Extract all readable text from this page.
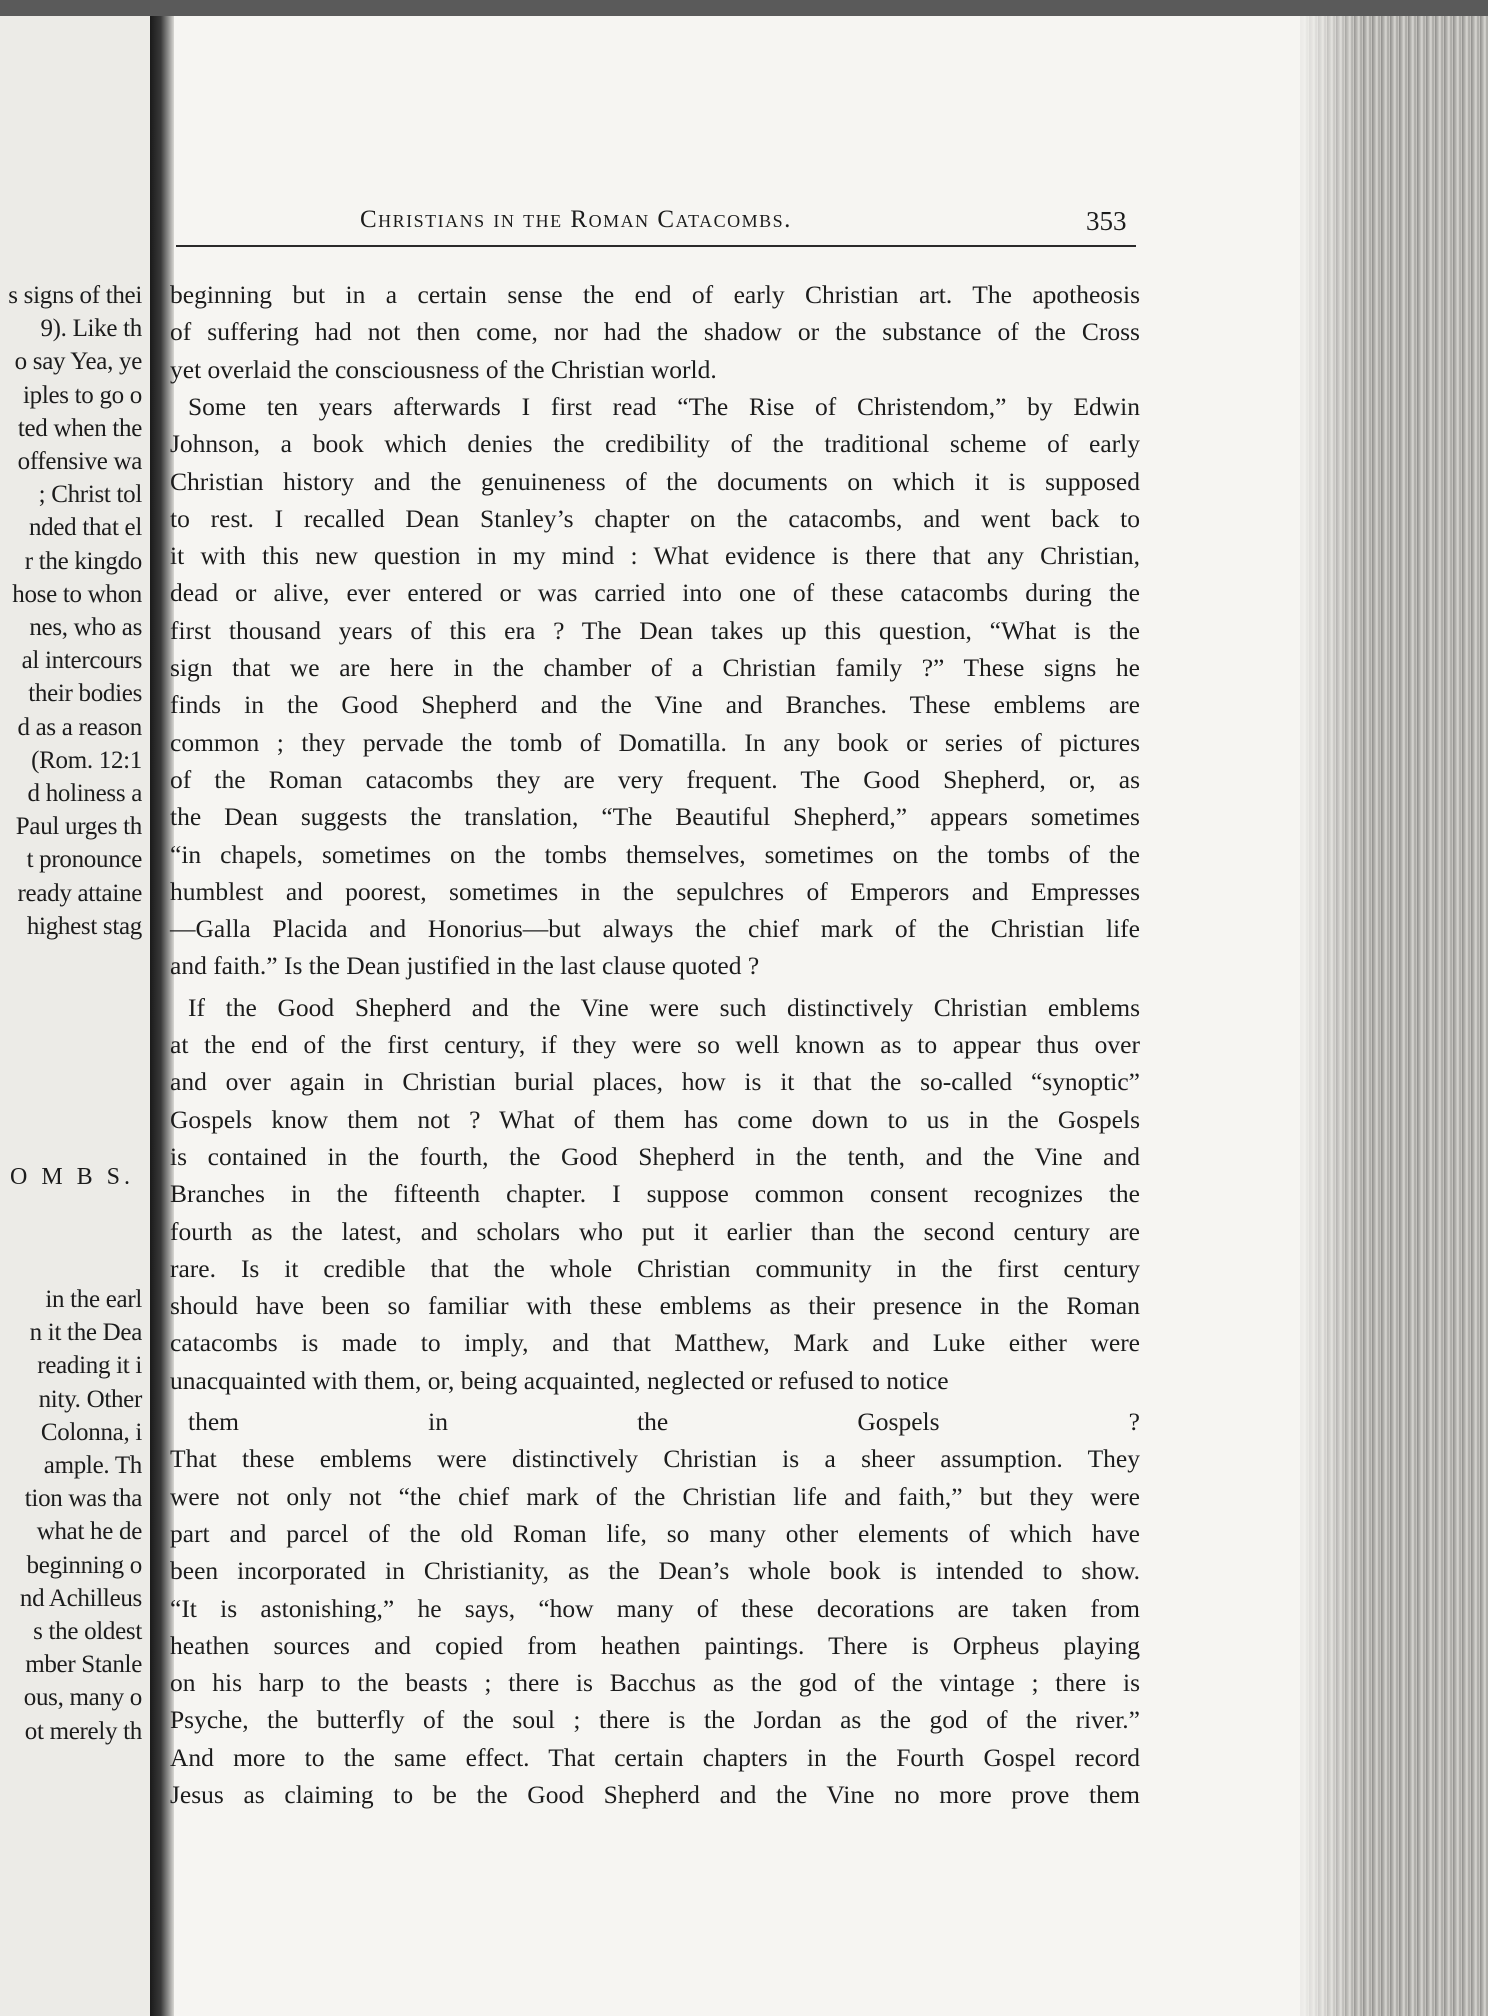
s signs of thei
9). Like th
o say Yea, ye
iples to go o
ted when the
offensive wa
; Christ tol
nded that el
r the kingdo
hose to whon
nes, who as
al intercours
their bodies
d as a reason
(Rom. 12:1
d holiness a
Paul urges th
t pronounce
ready attaine
highest stag
O M B S.
in the earl
n it the Dea
reading it i
nity. Other
Colonna, i
ample. Th
tion was tha
what he de
beginning o
nd Achilleus
s the oldest
mber Stanle
ous, many o
ot merely th
Christians in the Roman Catacombs.	353
beginning but in a certain sense the end of early Christian art. The apotheosis
of suffering had not then come, nor had the shadow or the substance of the Cross
yet overlaid the consciousness of the Christian world.
Some ten years afterwards I first read “The Rise of Christendom,” by Edwin
Johnson, a book which denies the credibility of the traditional scheme of early
Christian history and the genuineness of the documents on which it is supposed
to rest. I recalled Dean Stanley’s chapter on the catacombs, and went back to
it with this new question in my mind : What evidence is there that any Christian,
dead or alive, ever entered or was carried into one of these catacombs during the
first thousand years of this era ? The Dean takes up this question, “What is the
sign that we are here in the chamber of a Christian family ?” These signs he
finds in the Good Shepherd and the Vine and Branches. These emblems are
common ; they pervade the tomb of Domatilla. In any book or series of pictures
of the Roman catacombs they are very frequent. The Good Shepherd, or, as
the Dean suggests the translation, “The Beautiful Shepherd,” appears sometimes
“in chapels, sometimes on the tombs themselves, sometimes on the tombs of the
humblest and poorest, sometimes in the sepulchres of Emperors and Empresses
—Galla Placida and Honorius—but always the chief mark of the Christian life
and faith.” Is the Dean justified in the last clause quoted ?
If the Good Shepherd and the Vine were such distinctively Christian emblems
at the end of the first century, if they were so well known as to appear thus over
and over again in Christian burial places, how is it that the so-called “synoptic”
Gospels know them not ? What of them has come down to us in the Gospels
is contained in the fourth, the Good Shepherd in the tenth, and the Vine and
Branches in the fifteenth chapter. I suppose common consent recognizes the
fourth as the latest, and scholars who put it earlier than the second century are
rare. Is it credible that the whole Christian community in the first century
should have been so familiar with these emblems as their presence in the Roman
catacombs is made to imply, and that Matthew, Mark and Luke either were
unacquainted with them, or, being acquainted, neglected or refused to notice
them in the Gospels ?
That these emblems were distinctively Christian is a sheer assumption. They
were not only not “the chief mark of the Christian life and faith,” but they were
part and parcel of the old Roman life, so many other elements of which have
been incorporated in Christianity, as the Dean’s whole book is intended to show.
“It is astonishing,” he says, “how many of these decorations are taken from
heathen sources and copied from heathen paintings. There is Orpheus playing
on his harp to the beasts ; there is Bacchus as the god of the vintage ; there is
Psyche, the butterfly of the soul ; there is the Jordan as the god of the river.”
And more to the same effect. That certain chapters in the Fourth Gospel record
Jesus as claiming to be the Good Shepherd and the Vine no more prove them
